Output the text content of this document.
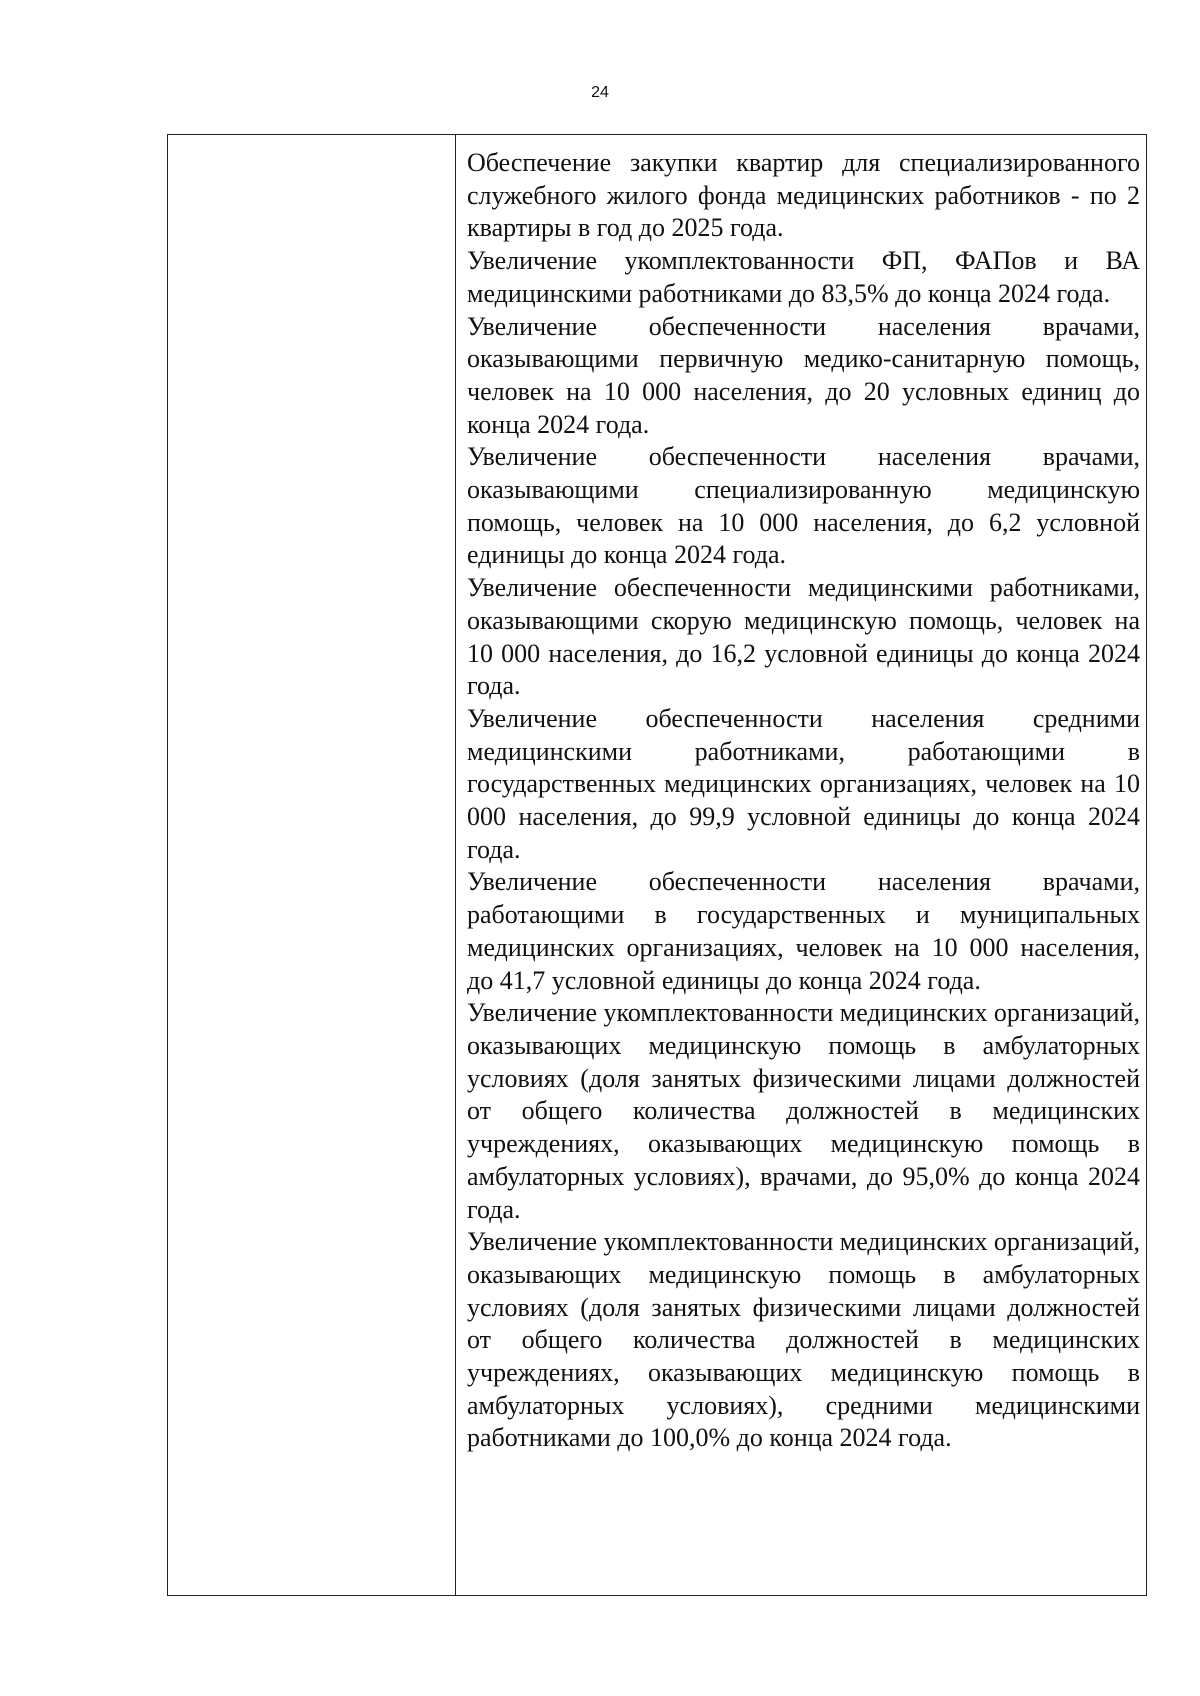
24

Обеспечение закупки квартир для специализированного служебного жилого фонда медицинских работников - по 2 квартиры в год до 2025 года.

Увеличение укомплектованности ФП, ФАПов и ВА медицинскими работниками до 83,5% до конца 2024 года.

Увеличение обеспеченности населения врачами, оказывающими первичную медико-санитарную помощь, человек на 10 000 населения, до 20 условных единиц до конца 2024 года.

Увеличение обеспеченности населения врачами, оказывающими специализированную медицинскую помощь, человек на 10 000 населения, до 6,2 условной единицы до конца 2024 года.

Увеличение обеспеченности медицинскими работниками, оказывающими скорую медицинскую помощь, человек на 10 000 населения, до 16,2 условной единицы до конца 2024 года.

Увеличение обеспеченности населения средними медицинскими работниками, работающими в государственных медицинских организациях, человек на 10 000 населения, до 99,9 условной единицы до конца 2024 года.

Увеличение обеспеченности населения врачами, работающими в государственных и муниципальных медицинских организациях, человек на 10 000 населения, до 41,7 условной единицы до конца 2024 года.

Увеличение укомплектованности медицинских организаций, оказывающих медицинскую помощь в амбулаторных условиях (доля занятых физическими лицами должностей от общего количества должностей в медицинских учреждениях, оказывающих медицинскую помощь в амбулаторных условиях), врачами, до 95,0% до конца 2024 года.

Увеличение укомплектованности медицинских организаций, оказывающих медицинскую помощь в амбулаторных условиях (доля занятых физическими лицами должностей от общего количества должностей в медицинских учреждениях, оказывающих медицинскую помощь в амбулаторных условиях), средними медицинскими работниками до 100,0% до конца 2024 года.
